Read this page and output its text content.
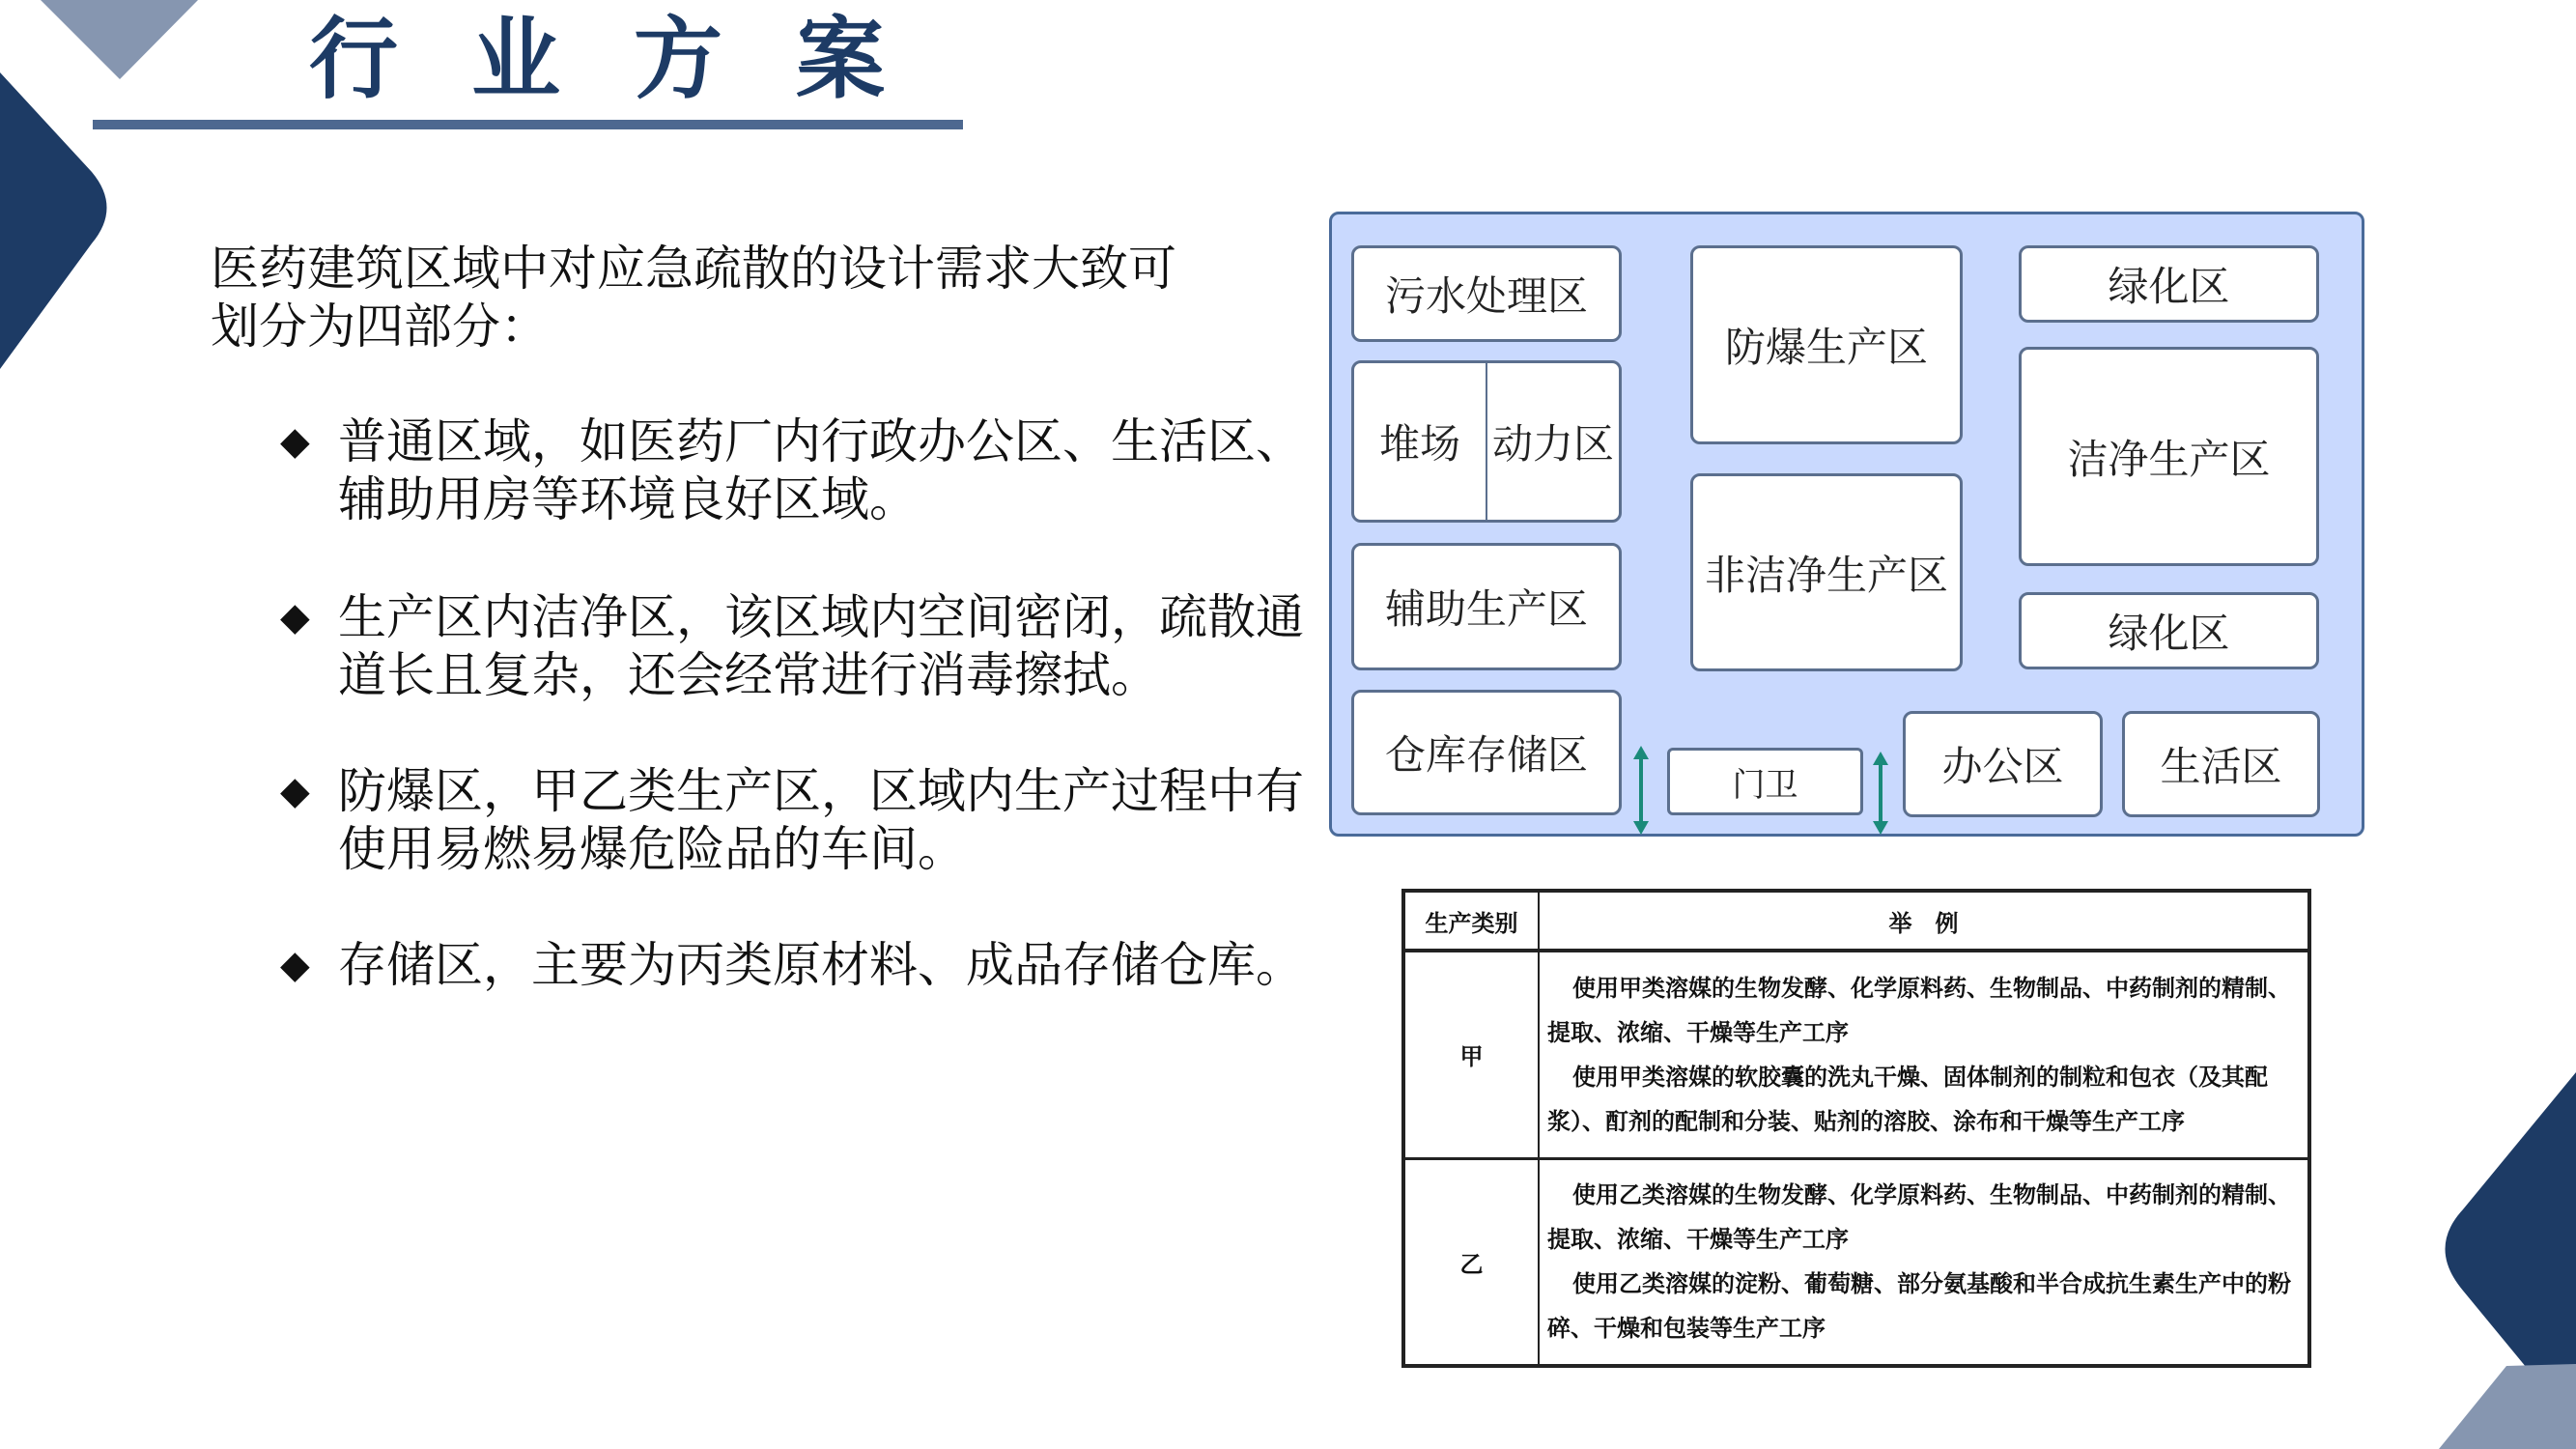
行业方案
医药建筑区域中对应急疏散的设计需求大致可划分为四部分：
◆ 普通区域，如医药厂内行政办公区、生活区、辅助用房等环境良好区域。
◆ 生产区内洁净区，该区域内空间密闭，疏散通道长且复杂，还会经常进行消毒擦拭。
◆ 防爆区，甲乙类生产区，区域内生产过程中有使用易燃易爆危险品的车间。
◆ 存储区，主要为丙类原材料、成品存储仓库。
污水处理区
堆场 动力区
辅助生产区
仓库存储区
防爆生产区
非洁净生产区
绿化区
洁净生产区
绿化区
门卫	办公区 生活区
生产类别	举　例
甲	使用甲类溶媒的生物发酵、化学原料药、生物制品、中药制剂的精制、提取、浓缩、干燥等生产工序

使用甲类溶媒的软胶囊的洗丸干燥、固体制剂的制粒和包衣（及其配浆）、酊剂的配制和分装、贴剂的溶胶、涂布和干燥等生产工序

乙	使用乙类溶媒的生物发酵、化学原料药、生物制品、中药制剂的精制、提取、浓缩、干燥等生产工序

使用乙类溶媒的淀粉、葡萄糖、部分氨基酸和半合成抗生素生产中的粉碎、干燥和包装等生产工序
